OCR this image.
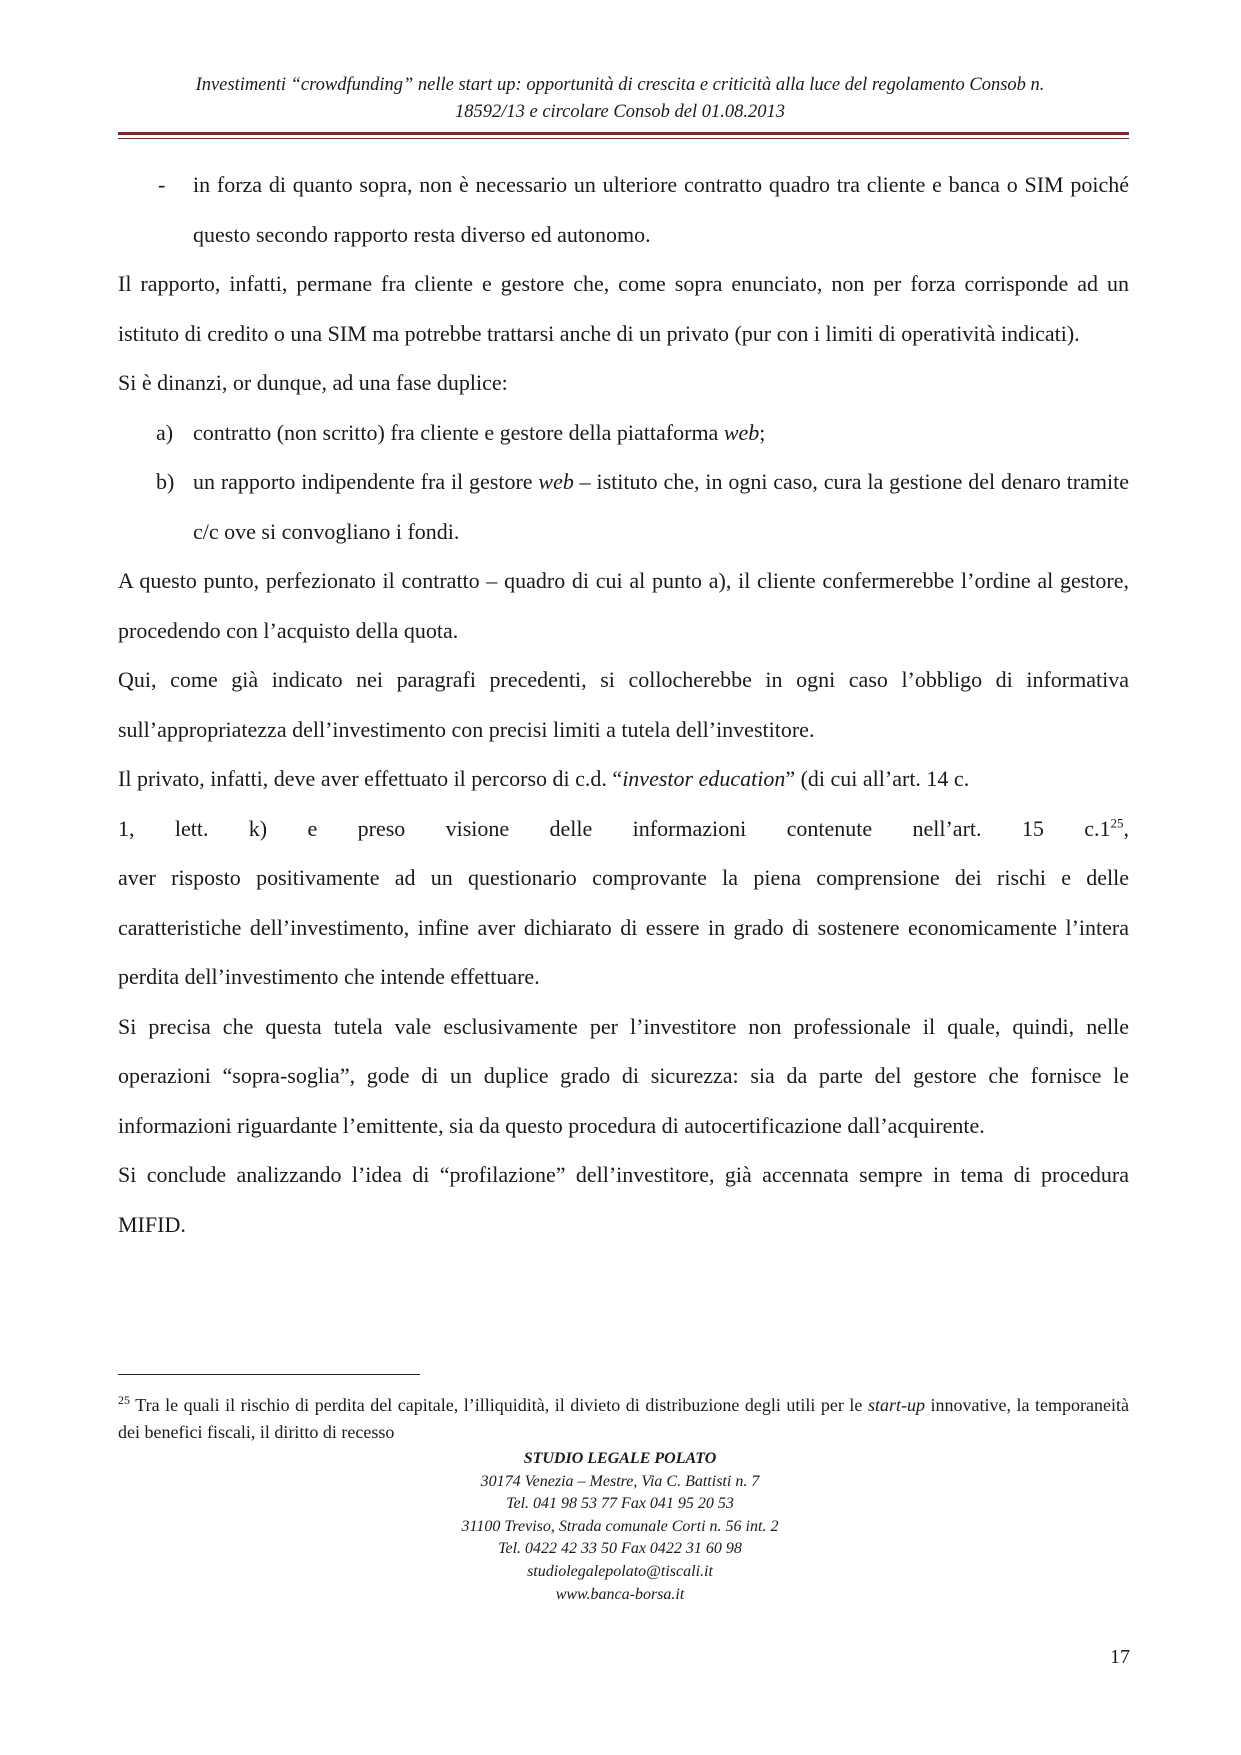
Investimenti “crowdfunding” nelle start up: opportunità di crescita e criticità alla luce del regolamento Consob n.
18592/13 e circolare Consob del 01.08.2013
-	in forza di quanto sopra, non è necessario un ulteriore contratto quadro tra cliente e banca o SIM poiché questo secondo rapporto resta diverso ed autonomo.

Il rapporto, infatti, permane fra cliente e gestore che, come sopra enunciato, non per forza corrisponde ad un istituto di credito o una SIM ma potrebbe trattarsi anche di un privato (pur con i limiti di operatività indicati).

Si è dinanzi, or dunque, ad una fase duplice:

a) contratto (non scritto) fra cliente e gestore della piattaforma web;
b) un rapporto indipendente fra il gestore web – istituto che, in ogni caso, cura la gestione del denaro tramite c/c ove si convogliano i fondi.

A questo punto, perfezionato il contratto – quadro di cui al punto a), il cliente confermerebbe l’ordine al gestore, procedendo con l’acquisto della quota.

Qui, come già indicato nei paragrafi precedenti, si collocherebbe in ogni caso l’obbligo di informativa sull’appropriatezza dell’investimento con precisi limiti a tutela dell’investitore.

Il privato, infatti, deve aver effettuato il percorso di c.d. “investor education” (di cui all’art. 14 c.
1, lett. k) e preso visione delle informazioni contenute nell’art. 15 $c.1^{25}$,
aver risposto positivamente ad un questionario comprovante la piena comprensione dei rischi e delle caratteristiche dell’investimento, infine aver dichiarato di essere in grado di sostenere economicamente l’intera perdita dell’investimento che intende effettuare.

Si precisa che questa tutela vale esclusivamente per l’investitore non professionale il quale, quindi, nelle operazioni “sopra-soglia”, gode di un duplice grado di sicurezza: sia da parte del gestore che fornisce le informazioni riguardante l’emittente, sia da questo procedura di autocertificazione dall’acquirente.

Si conclude analizzando l’idea di “profilazione” dell’investitore, già accennata sempre in tema di procedura MIFID.

$^{25}$ Tra le quali il rischio di perdita del capitale, l’illiquidità, il divieto di distribuzione degli utili per le start-up innovative, la temporaneità dei benefici fiscali, il diritto di recesso
STUDIO LEGALE POLATO
30174 Venezia – Mestre, Via C. Battisti n. 7
Tel. 041 98 53 77 Fax 041 95 20 53
31100 Treviso, Strada comunale Corti n. 56 int. 2
Tel. 0422 42 33 50 Fax 0422 31 60 98
studiolegalepolato@tiscali.it
www.banca-borsa.it
17
